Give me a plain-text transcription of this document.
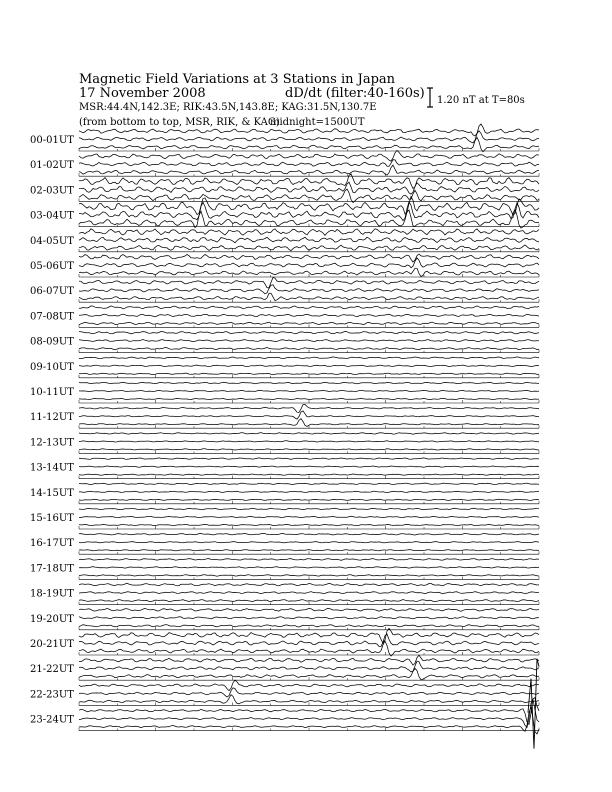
Magnetic Field Variations at 3 Stations in Japan
17 November 2008	dD/dt (filter:40-160s)
MSR:44.4N,142.3E; RIK:43.5N,143.8E; KAG:31.5N,130.7E
(from bottom to top, MSR, RIK, & KAG)
midnight=1500UT
1.20 nT at T=80s
00-01UT
01-02UT
02-03UT
03-04UT
04-05UT
05-06UT
06-07UT
07-08UT
08-09UT
09-10UT
10-11UT
11-12UT
12-13UT
13-14UT
14-15UT
15-16UT
16-17UT
17-18UT
18-19UT
19-20UT
20-21UT
21-22UT
22-23UT
23-24UT
